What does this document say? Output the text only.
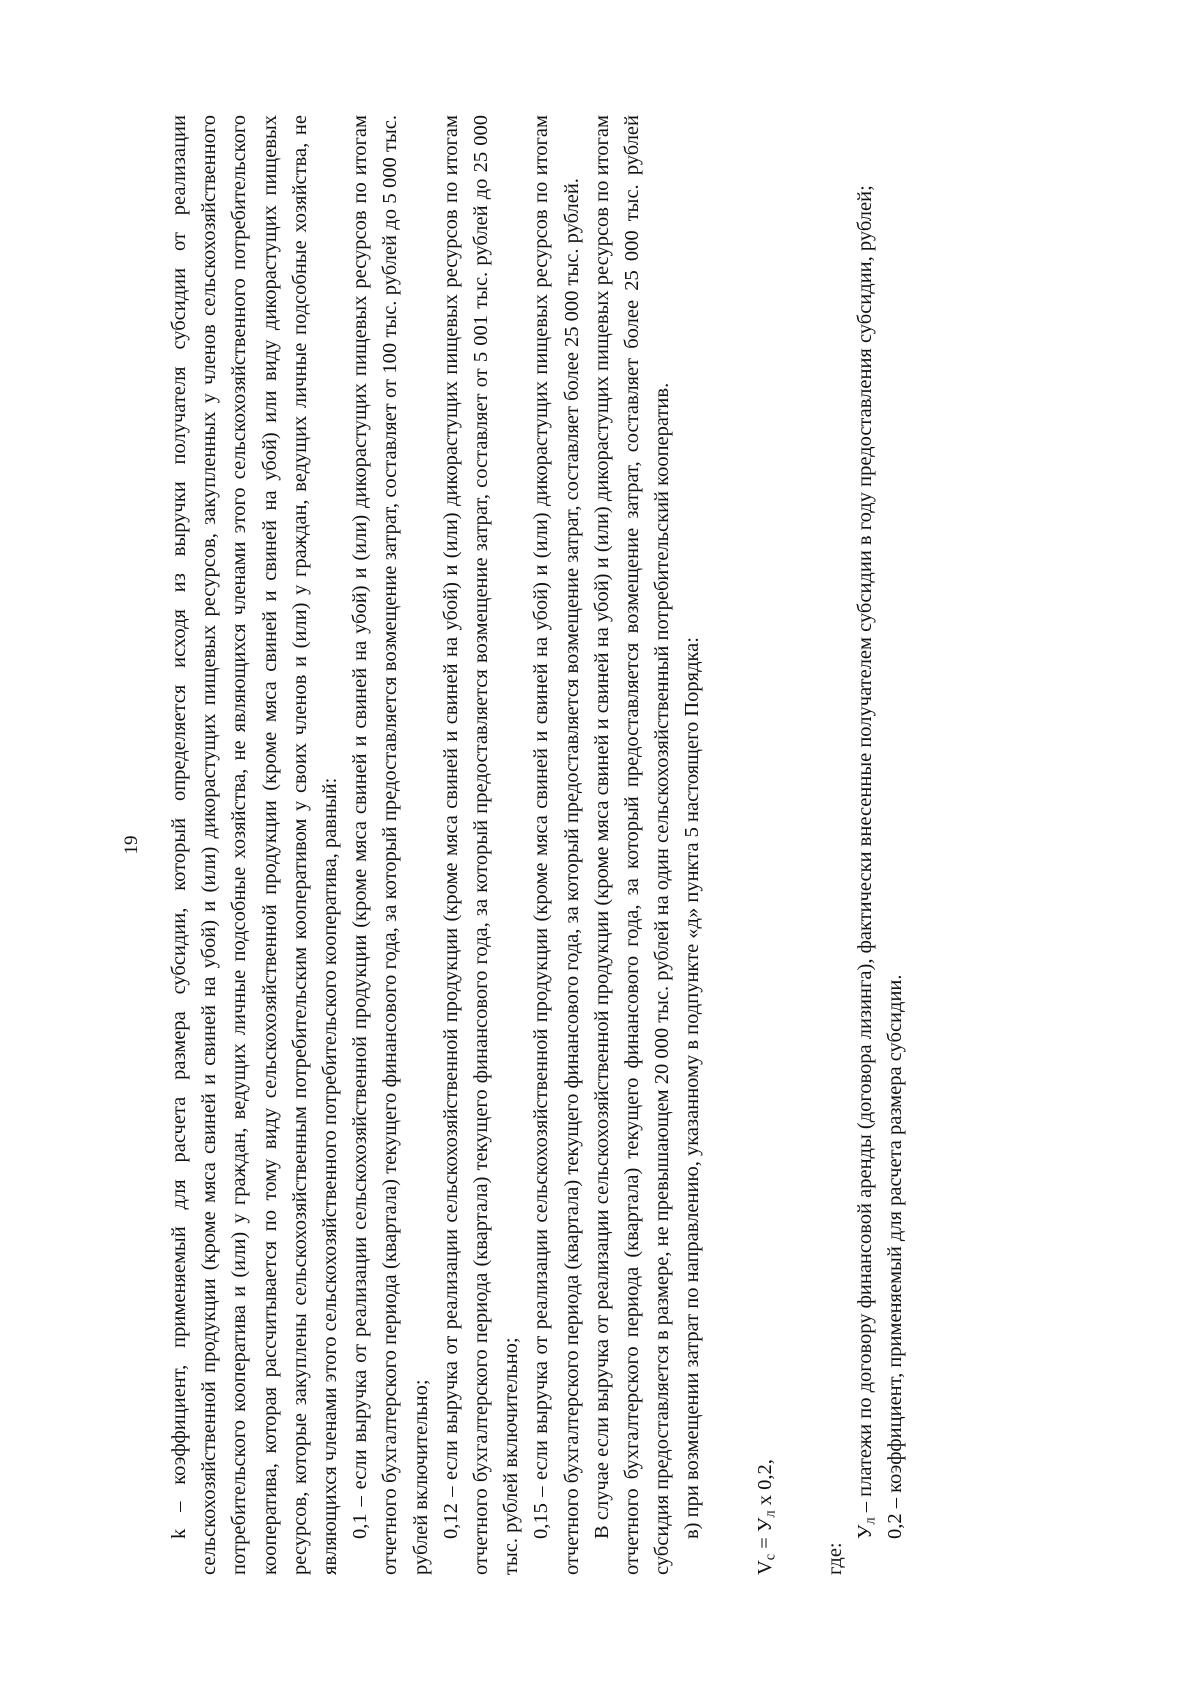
19 k – коэффициент, применяемый для расчета размера субсидии, который определяется исходя из выручки получателя субсидии от реализации сельскохозяйственной продукции (кроме мяса свиней и свиней на убой) и (или) дикорастущих пищевых ресурсов, закупленных у членов сельскохозяйственного потребительского кооператива и (или) у граждан, ведущих личные подсобные хозяйства, не являющихся членами этого сельскохозяйственного потребительского кооператива, которая рассчитывается по тому виду сельскохозяйственной продукции (кроме мяса свиней и свиней на убой) или виду дикорастущих пищевых ресурсов, которые закуплены сельскохозяйственным потребительским кооперативом у своих членов и (или) у граждан, ведущих личные подсобные хозяйства, не являющихся членами этого сельскохозяйственного потребительского кооператива, равный: 0,1 – если выручка от реализации сельскохозяйственной продукции (кроме мяса свиней и свиней на убой) и (или) дикорастущих пищевых ресурсов по итогам отчетного бухгалтерского периода (квартала) текущего финансового года, за который предоставляется возмещение затрат, составляет от 100 тыс. рублей до 5 000 тыс. рублей включительно; 0,12 – если выручка от реализации сельскохозяйственной продукции (кроме мяса свиней и свиней на убой) и (или) дикорастущих пищевых ресурсов по итогам отчетного бухгалтерского периода (квартала) текущего финансового года, за который предоставляется возмещение затрат, составляет от 5 001 тыс. рублей до 25 000 тыс. рублей включительно; 0,15 – если выручка от реализации сельскохозяйственной продукции (кроме мяса свиней и свиней на убой) и (или) дикорастущих пищевых ресурсов по итогам отчетного бухгалтерского периода (квартала) текущего финансового года, за который предоставляется возмещение затрат, составляет более 25 000 тыс. рублей. В случае если выручка от реализации сельскохозяйственной продукции (кроме мяса свиней и свиней на убой) и (или) дикорастущих пищевых ресурсов по итогам отчетного бухгалтерского периода (квартала) текущего финансового года, за который предоставляется возмещение затрат, составляет более 25 000 тыс. рублей субсидия предоставляется в размере, не превышающем 20 000 тыс. рублей на один сельскохозяйственный потребительский кооператив. в) при возмещении затрат по направлению, указанному в подпункте «д» пункта 5 настоящего Порядка:

$V_с = У_л$ х 0,2,

где:

$У_л$ – платежи по договору финансовой аренды (договора лизинга), фактически внесенные получателем субсидии в году предоставления субсидии, рублей; 0,2 – коэффициент, применяемый для расчета размера субсидии.
